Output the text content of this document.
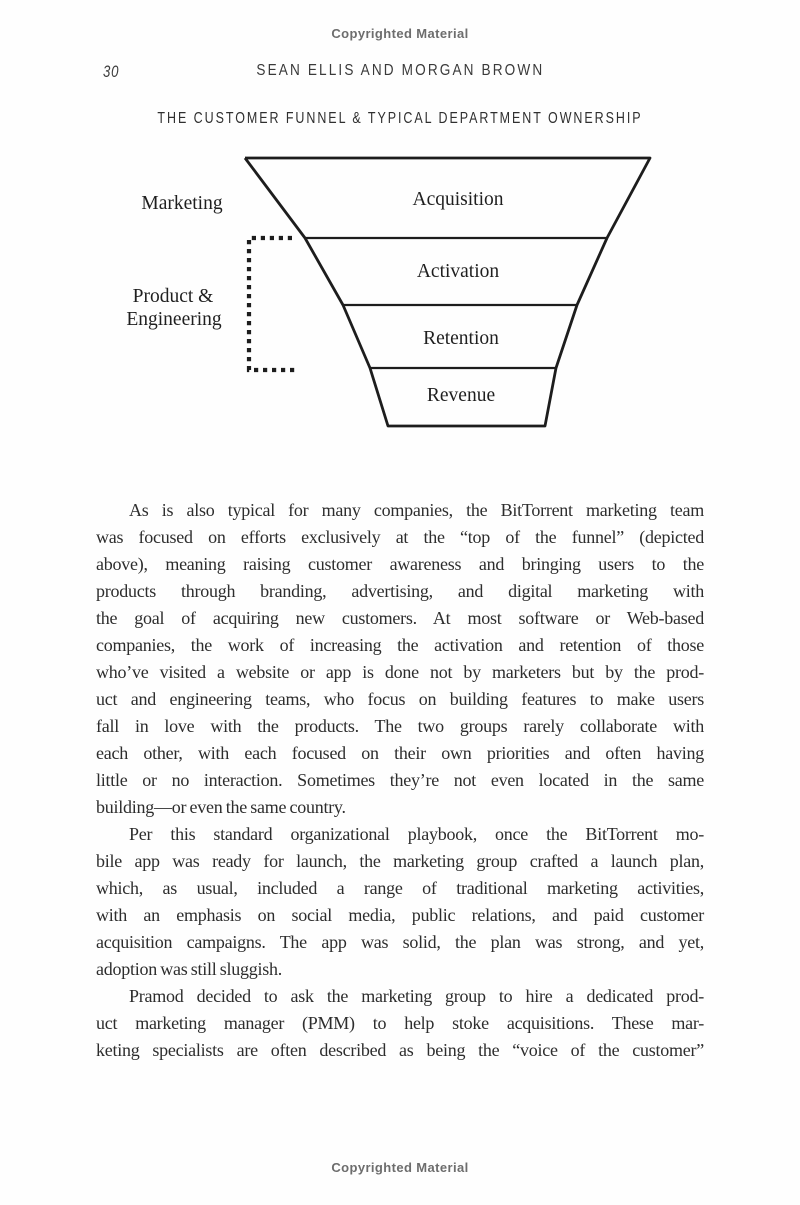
Copyrighted Material
30	SEAN ELLIS AND MORGAN BROWN
THE CUSTOMER FUNNEL & TYPICAL DEPARTMENT OWNERSHIP
Acquisition
Activation
Retention
Revenue
Marketing
Product &
Engineering
As is also typical for many companies, the BitTorrent marketing team
was focused on efforts exclusively at the “top of the funnel” (depicted
above), meaning raising customer awareness and bringing users to the
products through branding, advertising, and digital marketing with
the goal of acquiring new customers. At most software or Web-based
companies, the work of increasing the activation and retention of those
who’ve visited a website or app is done not by marketers but by the prod-
uct and engineering teams, who focus on building features to make users
fall in love with the products. The two groups rarely collaborate with
each other, with each focused on their own priorities and often having
little or no interaction. Sometimes they’re not even located in the same
building—or even the same country.
Per this standard organizational playbook, once the BitTorrent mo-
bile app was ready for launch, the marketing group crafted a launch plan,
which, as usual, included a range of traditional marketing activities,
with an emphasis on social media, public relations, and paid customer
acquisition campaigns. The app was solid, the plan was strong, and yet,
adoption was still sluggish.
Pramod decided to ask the marketing group to hire a dedicated prod-
uct marketing manager (PMM) to help stoke acquisitions. These mar-
keting specialists are often described as being the “voice of the customer”
Copyrighted Material
